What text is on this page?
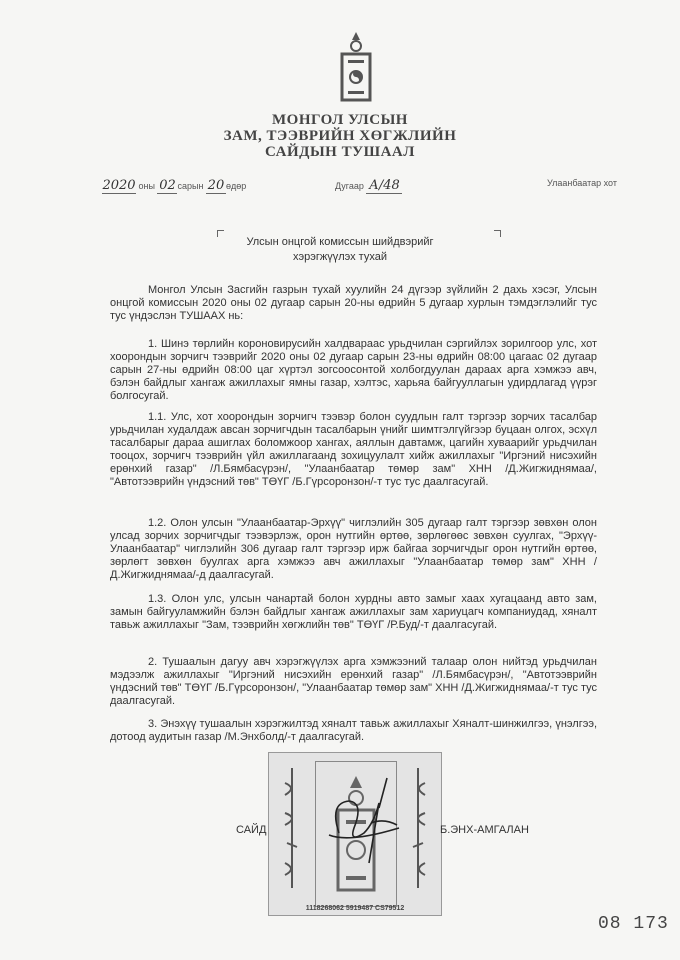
МОНГОЛ УЛСЫН
ЗАМ, ТЭЭВРИЙН ХӨГЖЛИЙН
САЙДЫН ТУШААЛ
2020 оны 02 сарын 20 өдөр	Дугаар А/48	Улаанбаатар хот
Улсын онцгой комиссын шийдвэрийг
хэрэгжүүлэх тухай
Монгол Улсын Засгийн газрын тухай хуулийн 24 дүгээр зүйлийн 2 дахь хэсэг, Улсын онцгой комиссын 2020 оны 02 дугаар сарын 20-ны өдрийн 5 дугаар хурлын тэмдэглэлийг тус тус үндэслэн ТУШААХ нь:
1. Шинэ төрлийн короновирусийн халдвараас урьдчилан сэргийлэх зорилгоор улс, хот хоорондын зорчигч тээврийг 2020 оны 02 дугаар сарын 23-ны өдрийн 08:00 цагаас 02 дугаар сарын 27-ны өдрийн 08:00 цаг хүртэл зогсоосонтой холбогдуулан дараах арга хэмжээ авч, бэлэн байдлыг хангаж ажиллахыг ямны газар, хэлтэс, харьяа байгууллагын удирдлагад үүрэг болгосугай.
1.1. Улс, хот хоорондын зорчигч тээвэр болон суудлын галт тэргээр зорчих тасалбар урьдчилан худалдаж авсан зорчигчдын тасалбарын үнийг шимтгэлгүйгээр буцаан олгох, эсхүл тасалбарыг дараа ашиглах боломжоор хангах, аяллын давтамж, цагийн хуваарийг урьдчилан тооцох, зорчигч тээврийн үйл ажиллагаанд зохицуулалт хийж ажиллахыг "Иргэний нисэхийн ерөнхий газар" /Л.Бямбасүрэн/, "Улаанбаатар төмөр зам" ХНН /Д.Жигжиднямаа/, "Автотээврийн үндэсний төв" ТӨҮГ /Б.Гүрсоронзон/-т тус тус даалгасугай.
1.2. Олон улсын "Улаанбаатар-Эрхүү" чиглэлийн 305 дугаар галт тэргээр зөвхөн олон улсад зорчих зорчигчдыг тээвэрлэж, орон нутгийн өртөө, зөрлөгөөс зөвхөн суулгах, "Эрхүү-Улаанбаатар" чиглэлийн 306 дугаар галт тэргээр ирж байгаа зорчигчдыг орон нутгийн өртөө, зөрлөгт зөвхөн буулгах арга хэмжээ авч ажиллахыг "Улаанбаатар төмөр зам" ХНН /Д.Жигжиднямаа/-д даалгасугай.
1.3. Олон улс, улсын чанартай болон хурдны авто замыг хаах хугацаанд авто зам, замын байгууламжийн бэлэн байдлыг хангаж ажиллахыг зам хариуцагч компаниудад, хяналт тавьж ажиллахыг "Зам, тээврийн хөгжлийн төв" ТӨҮГ /Р.Буд/-т даалгасугай.
2. Тушаалын дагуу авч хэрэгжүүлэх арга хэмжээний талаар олон нийтэд урьдчилан мэдээлж ажиллахыг "Иргэний нисэхийн ерөнхий газар" /Л.Бямбасүрэн/, "Автотээврийн үндэсний төв" ТӨҮГ /Б.Гүрсоронзон/, "Улаанбаатар төмөр зам" ХНН /Д.Жигжиднямаа/-т тус тус даалгасугай.
3. Энэхүү тушаалын хэрэгжилтэд хяналт тавьж ажиллахыг Хяналт-шинжилгээ, үнэлгээ, дотоод аудитын газар /М.Энхболд/-т даалгасугай.
1118268062 5919487 CS79512
САЙД	Б.ЭНХ-АМГАЛАН
08 173
